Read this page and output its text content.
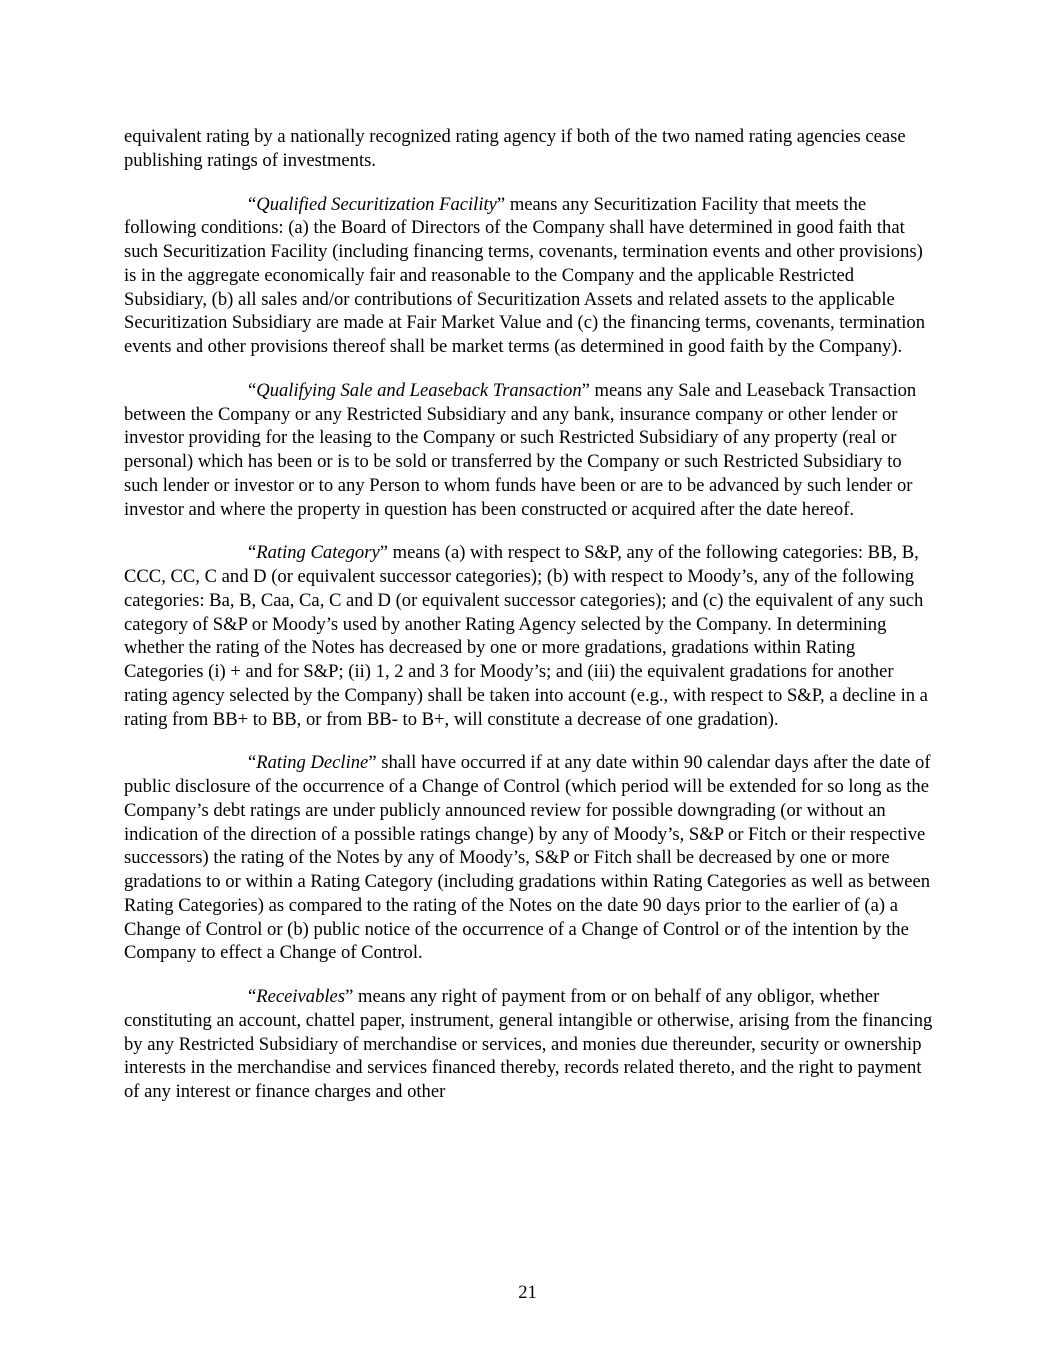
equivalent rating by a nationally recognized rating agency if both of the two named rating agencies cease publishing ratings of investments.

“Qualified Securitization Facility” means any Securitization Facility that meets the following conditions: (a) the Board of Directors of the Company shall have determined in good faith that such Securitization Facility (including financing terms, covenants, termination events and other provisions) is in the aggregate economically fair and reasonable to the Company and the applicable Restricted Subsidiary, (b) all sales and/or contributions of Securitization Assets and related assets to the applicable Securitization Subsidiary are made at Fair Market Value and (c) the financing terms, covenants, termination events and other provisions thereof shall be market terms (as determined in good faith by the Company).

“Qualifying Sale and Leaseback Transaction” means any Sale and Leaseback Transaction between the Company or any Restricted Subsidiary and any bank, insurance company or other lender or investor providing for the leasing to the Company or such Restricted Subsidiary of any property (real or personal) which has been or is to be sold or transferred by the Company or such Restricted Subsidiary to such lender or investor or to any Person to whom funds have been or are to be advanced by such lender or investor and where the property in question has been constructed or acquired after the date hereof.

“Rating Category” means (a) with respect to S&P, any of the following categories: BB, B, CCC, CC, C and D (or equivalent successor categories); (b) with respect to Moody’s, any of the following categories: Ba, B, Caa, Ca, C and D (or equivalent successor categories); and (c) the equivalent of any such category of S&P or Moody’s used by another Rating Agency selected by the Company. In determining whether the rating of the Notes has decreased by one or more gradations, gradations within Rating Categories (i) + and for S&P; (ii) 1, 2 and 3 for Moody’s; and (iii) the equivalent gradations for another rating agency selected by the Company) shall be taken into account (e.g., with respect to S&P, a decline in a rating from BB+ to BB, or from BB- to B+, will constitute a decrease of one gradation).

“Rating Decline” shall have occurred if at any date within 90 calendar days after the date of public disclosure of the occurrence of a Change of Control (which period will be extended for so long as the Company’s debt ratings are under publicly announced review for possible downgrading (or without an indication of the direction of a possible ratings change) by any of Moody’s, S&P or Fitch or their respective successors) the rating of the Notes by any of Moody’s, S&P or Fitch shall be decreased by one or more gradations to or within a Rating Category (including gradations within Rating Categories as well as between Rating Categories) as compared to the rating of the Notes on the date 90 days prior to the earlier of (a) a Change of Control or (b) public notice of the occurrence of a Change of Control or of the intention by the Company to effect a Change of Control.

“Receivables” means any right of payment from or on behalf of any obligor, whether constituting an account, chattel paper, instrument, general intangible or otherwise, arising from the financing by any Restricted Subsidiary of merchandise or services, and monies due thereunder, security or ownership interests in the merchandise and services financed thereby, records related thereto, and the right to payment of any interest or finance charges and other

21
